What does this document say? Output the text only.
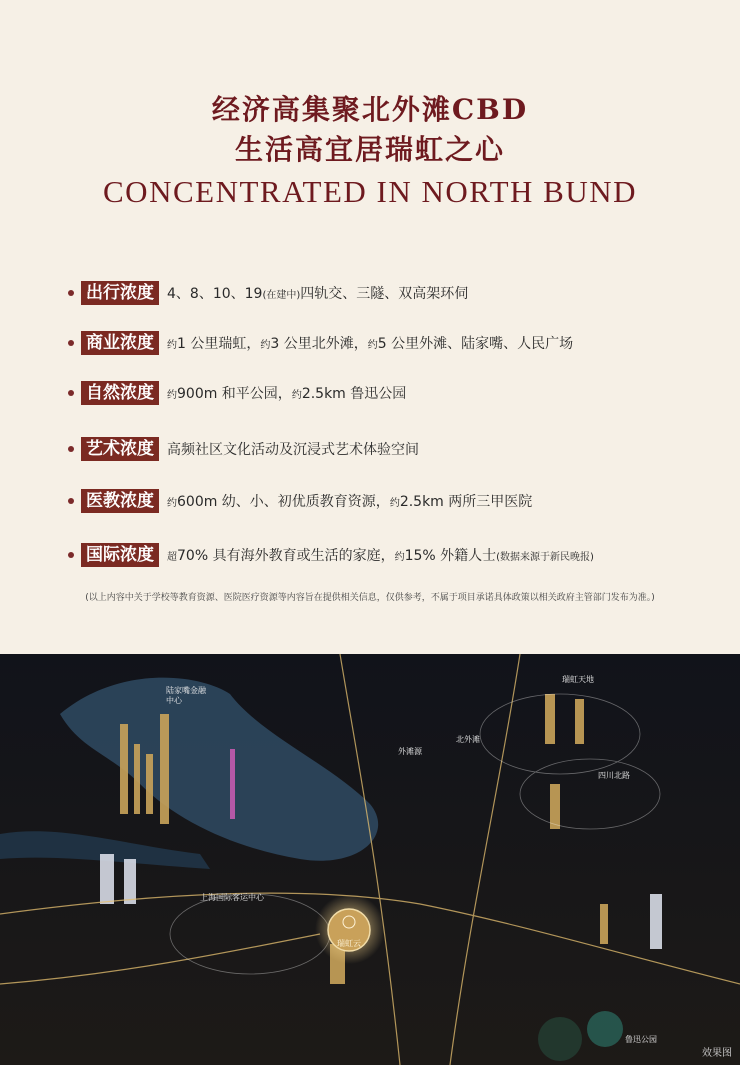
经济高集聚北外滩CBD
生活高宜居瑞虹之心
CONCENTRATED IN NORTH BUND
出行浓度 4、8、10、19(在建中)四轨交、三隧、双高架环伺
商业浓度	约1 公里瑞虹，约3 公里北外滩，约5 公里外滩、陆家嘴、人民广场
自然浓度	约900m 和平公园，约2.5km 鲁迅公园
艺术浓度 高频社区文化活动及沉浸式艺术体验空间
医教浓度	约600m 幼、小、初优质教育资源，约2.5km 两所三甲医院
国际浓度	超70% 具有海外教育或生活的家庭，约15% 外籍人士(数据来源于新民晚报)
(以上内容中关于学校等教育资源、医院医疗资源等内容旨在提供相关信息，仅供参考，不属于项目承诺具体政策以相关政府主管部门发布为准。)
陆家嘴金融中心
外滩源
北外滩
瑞虹天地
四川北路
上海国际客运中心
鲁迅公园
瑞虹云
效果图
